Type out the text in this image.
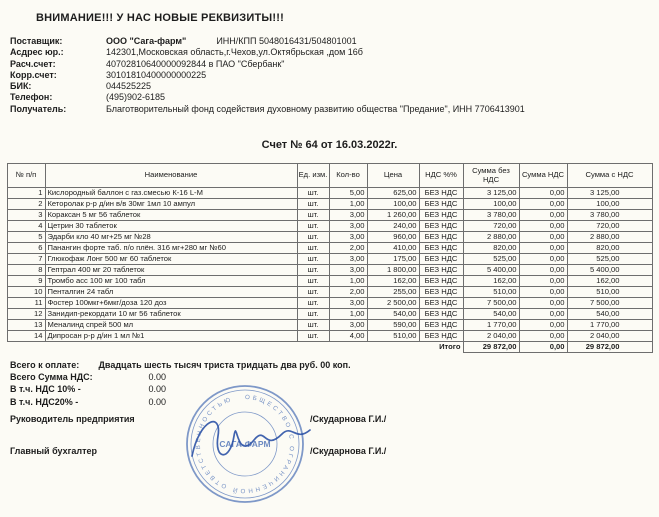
ВНИМАНИЕ!!! У НАС НОВЫЕ РЕКВИЗИТЫ!!!
Поставщик:	ООО "Сага-фарм"	ИНН/КПП 5048016431/504801001
Асдрес юр.:	142301,Московская область,г.Чехов,ул.Октябрьская ,дом 16б
Расч.счет:	40702810640000092844 в ПАО "Сбербанк"
Корр.счет:	30101810400000000225
БИК:	044525225
Телефон:	(495)902-6185
Получатель:	Благотворительный фонд содействия духовному развитию общества "Предание", ИНН 7706413901
Счет № 64 от 16.03.2022г.
№ п/п	Наименование	Ед. изм.	Кол-во	Цена	НДС %%	Сумма без НДС	Сумма НДС	Сумма с НДС
1	Кислородный баллон с газ.смесью К-16 L-M	шт.	5,00	625,00	БЕЗ НДС	3 125,00	0,00	3 125,00
2	Кеторолак р-р д/ин в/в 30мг 1мл 10 ампул	шт.	1,00	100,00	БЕЗ НДС	100,00	0,00	100,00
3	Кораксан 5 мг 56 таблеток	шт.	3,00	1 260,00	БЕЗ НДС	3 780,00	0,00	3 780,00
4	Цетрин 30 таблеток	шт.	3,00	240,00	БЕЗ НДС	720,00	0,00	720,00
5	Эдарби кло 40 мг+25 мг №28	шт.	3,00	960,00	БЕЗ НДС	2 880,00	0,00	2 880,00
6	Панангин форте таб. п/о плён. 316 мг+280 мг №60	шт.	2,00	410,00	БЕЗ НДС	820,00	0,00	820,00
7	Глюкофаж Лонг 500 мг 60 таблеток	шт.	3,00	175,00	БЕЗ НДС	525,00	0,00	525,00
8	Гептрал 400 мг 20 таблеток	шт.	3,00	1 800,00	БЕЗ НДС	5 400,00	0,00	5 400,00
9	Тромбо асс 100 мг 100 табл	шт.	1,00	162,00	БЕЗ НДС	162,00	0,00	162,00
10	Пенталгин 24 табл	шт.	2,00	255,00	БЕЗ НДС	510,00	0,00	510,00
11	Фостер 100мкг+6мкг/доза 120 доз	шт.	3,00	2 500,00	БЕЗ НДС	7 500,00	0,00	7 500,00
12	Занидип-рекордати 10 мг 56 таблеток	шт.	1,00	540,00	БЕЗ НДС	540,00	0,00	540,00
13	Меналинд спрей 500 мл	шт.	3,00	590,00	БЕЗ НДС	1 770,00	0,00	1 770,00
14	Дипросан р-р д/ин 1 мл №1	шт.	4,00	510,00	БЕЗ НДС	2 040,00	0,00	2 040,00
					Итого	29 872,00	0,00	29 872,00
Всего к оплате: Двадцать шесть тысяч триста тридцать два руб. 00 коп.
Всего Сумма НДС:	0.00
В т.ч. НДС 10% -	0.00
В т.ч. НДС20% -	0.00
Руководитель предприятия	/Скударнова Г.И./
Главный бухгалтер	/Скударнова Г.И./
ОБЩЕСТВО С ОГРАНИЧЕННОЙ ОТВЕТСТВЕННОСТЬЮ
САГА-ФАРМ
